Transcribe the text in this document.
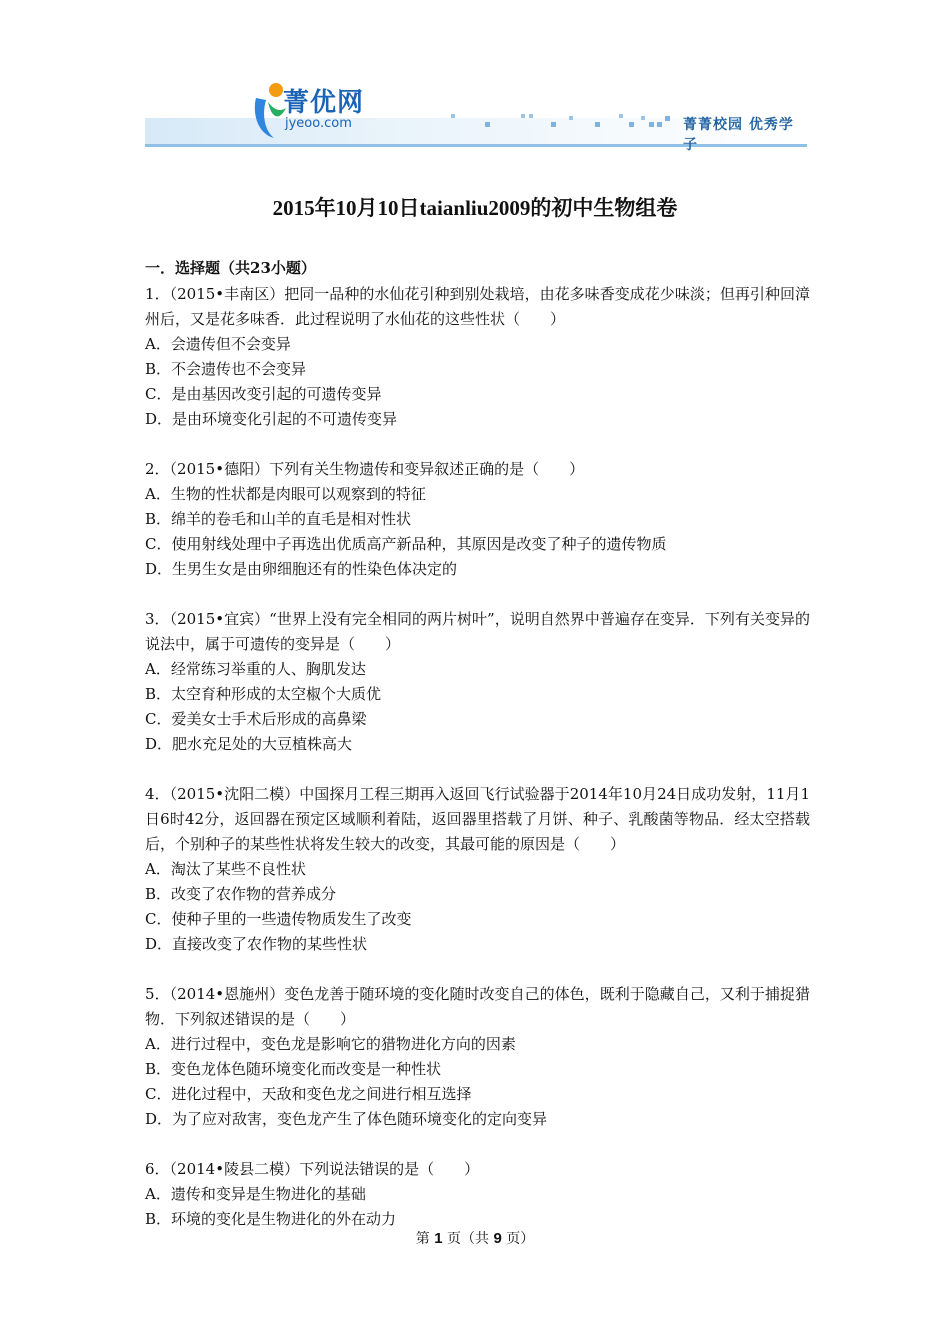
菁优网
jyeoo.com	菁菁校园 优秀学子
2015年10月10日taianliu2009的初中生物组卷
一．选择题（共23小题）
1．（2015•丰南区）把同一品种的水仙花引种到别处栽培，由花多味香变成花少味淡；但再引种回漳州后，又是花多味香．此过程说明了水仙花的这些性状（　　）
A．会遗传但不会变异
B．不会遗传也不会变异
C．是由基因改变引起的可遗传变异
D．是由环境变化引起的不可遗传变异
2．（2015•德阳）下列有关生物遗传和变异叙述正确的是（　　）
A．生物的性状都是肉眼可以观察到的特征
B．绵羊的卷毛和山羊的直毛是相对性状
C．使用射线处理中子再选出优质高产新品种，其原因是改变了种子的遗传物质
D．生男生女是由卵细胞还有的性染色体决定的
3．（2015•宜宾）“世界上没有完全相同的两片树叶”，说明自然界中普遍存在变异．下列有关变异的说法中，属于可遗传的变异是（　　）
A．经常练习举重的人、胸肌发达
B．太空育种形成的太空椒个大质优
C．爱美女士手术后形成的高鼻梁
D．肥水充足处的大豆植株高大
4．（2015•沈阳二模）中国探月工程三期再入返回飞行试验器于2014年10月24日成功发射，11月1日6时42分，返回器在预定区域顺利着陆，返回器里搭载了月饼、种子、乳酸菌等物品．经太空搭载后，个别种子的某些性状将发生较大的改变，其最可能的原因是（　　）
A．淘汰了某些不良性状
B．改变了农作物的营养成分
C．使种子里的一些遗传物质发生了改变
D．直接改变了农作物的某些性状
5．（2014•恩施州）变色龙善于随环境的变化随时改变自己的体色，既利于隐藏自己，又利于捕捉猎物．下列叙述错误的是（　　）
A．进行过程中，变色龙是影响它的猎物进化方向的因素
B．变色龙体色随环境变化而改变是一种性状
C．进化过程中，天敌和变色龙之间进行相互选择
D．为了应对敌害，变色龙产生了体色随环境变化的定向变异
6．（2014•陵县二模）下列说法错误的是（　　）
A．遗传和变异是生物进化的基础
B．环境的变化是生物进化的外在动力
第 1 页（共 9 页）
